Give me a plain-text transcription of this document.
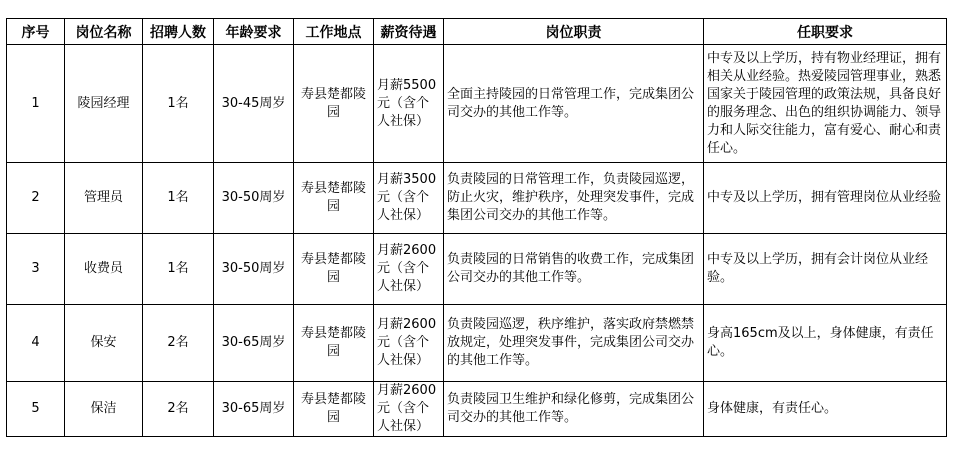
序号	岗位名称	招聘人数	年龄要求	工作地点	薪资待遇	岗位职责	任职要求
1	陵园经理	1名	30-45周岁	寿县楚都陵园	月薪5500元（含个人社保）	全面主持陵园的日常管理工作，完成集团公司交办的其他工作等。	中专及以上学历，持有物业经理证，拥有相关从业经验。热爱陵园管理事业，熟悉国家关于陵园管理的政策法规，具备良好的服务理念、出色的组织协调能力、领导力和人际交往能力，富有爱心、耐心和责任心。
2	管理员	1名	30-50周岁	寿县楚都陵园	月薪3500元（含个人社保）	负责陵园的日常管理工作，负责陵园巡逻，防止火灾，维护秩序，处理突发事件，完成集团公司交办的其他工作等。	中专及以上学历，拥有管理岗位从业经验
3	收费员	1名	30-50周岁	寿县楚都陵园	月薪2600元（含个人社保）	负责陵园的日常销售的收费工作，完成集团公司交办的其他工作等。	中专及以上学历，拥有会计岗位从业经验。
4	保安	2名	30-65周岁	寿县楚都陵园	月薪2600元（含个人社保）	负责陵园巡逻，秩序维护，落实政府禁燃禁放规定，处理突发事件，完成集团公司交办的其他工作等。	身高165cm及以上，身体健康，有责任心。
5	保洁	2名	30-65周岁	寿县楚都陵园	月薪2600元（含个人社保）	负责陵园卫生维护和绿化修剪，完成集团公司交办的其他工作等。	身体健康，有责任心。
